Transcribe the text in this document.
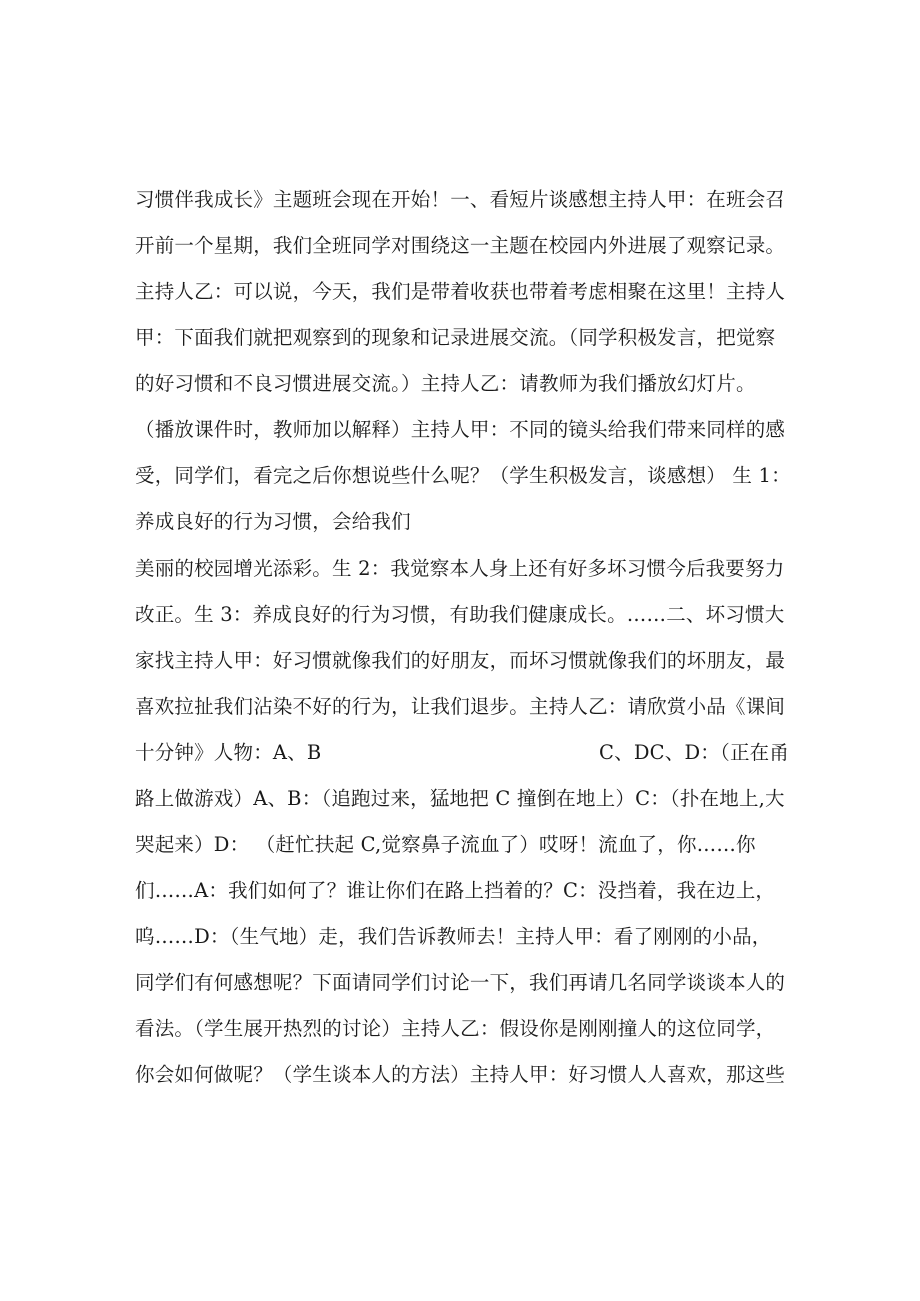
习惯伴我成长》主题班会现在开始！一、看短片谈感想主持人甲：在班会召
开前一个星期，我们全班同学对围绕这一主题在校园内外进展了观察记录。
主持人乙：可以说，今天，我们是带着收获也带着考虑相聚在这里！主持人
甲：下面我们就把观察到的现象和记录进展交流。（同学积极发言，把觉察
的好习惯和不良习惯进展交流。）主持人乙：请教师为我们播放幻灯片。
（播放课件时，教师加以解释）主持人甲：不同的镜头给我们带来同样的感
受，同学们，看完之后你想说些什么呢？（学生积极发言，谈感想） 生 1：
养成良好的行为习惯，会给我们
美丽的校园增光添彩。生 2：我觉察本人身上还有好多坏习惯今后我要努力
改正。生 3：养成良好的行为习惯，有助我们健康成长。……二、坏习惯大
家找主持人甲：好习惯就像我们的好朋友，而坏习惯就像我们的坏朋友，最
喜欢拉扯我们沾染不好的行为，让我们退步。主持人乙：请欣赏小品《课间
十分钟》人物：A、B	C、DC、D：（正在甬
路上做游戏）A、B：（追跑过来，猛地把 C 撞倒在地上）C：（扑在地上,大
哭起来）D： （赶忙扶起 C,觉察鼻子流血了）哎呀！流血了，你……你
们……A：我们如何了？谁让你们在路上挡着的？C：没挡着，我在边上，
呜……D：（生气地）走，我们告诉教师去！主持人甲：看了刚刚的小品，
同学们有何感想呢？下面请同学们讨论一下，我们再请几名同学谈谈本人的
看法。（学生展开热烈的讨论）主持人乙：假设你是刚刚撞人的这位同学，
你会如何做呢？（学生谈本人的方法）主持人甲：好习惯人人喜欢，那这些
